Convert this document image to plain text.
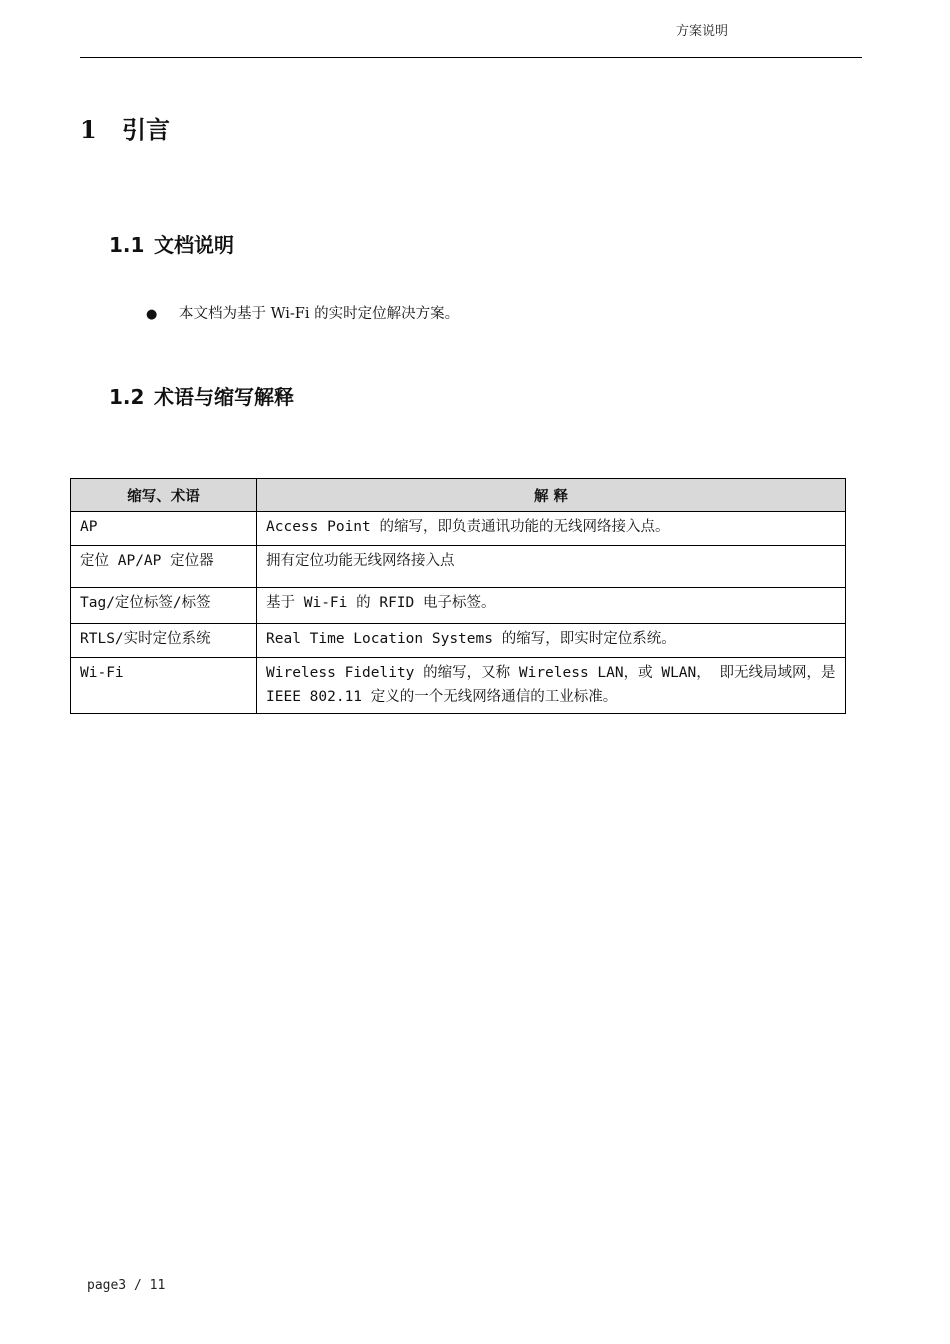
方案说明
1 引言
1.1 文档说明
● 本文档为基于 Wi-Fi 的实时定位解决方案。
1.2 术语与缩写解释
缩写、术语	解 释
AP	Access Point 的缩写，即负责通讯功能的无线网络接入点。
定位 AP/AP 定位器	拥有定位功能无线网络接入点
Tag/定位标签/标签	基于 Wi-Fi 的 RFID 电子标签。
RTLS/实时定位系统	Real Time Location Systems 的缩写，即实时定位系统。
Wi-Fi	Wireless Fidelity 的缩写，又称 Wireless LAN，或 WLAN， 即无线局域网，是 IEEE 802.11 定义的一个无线网络通信的工业标准。
page3 / 11
